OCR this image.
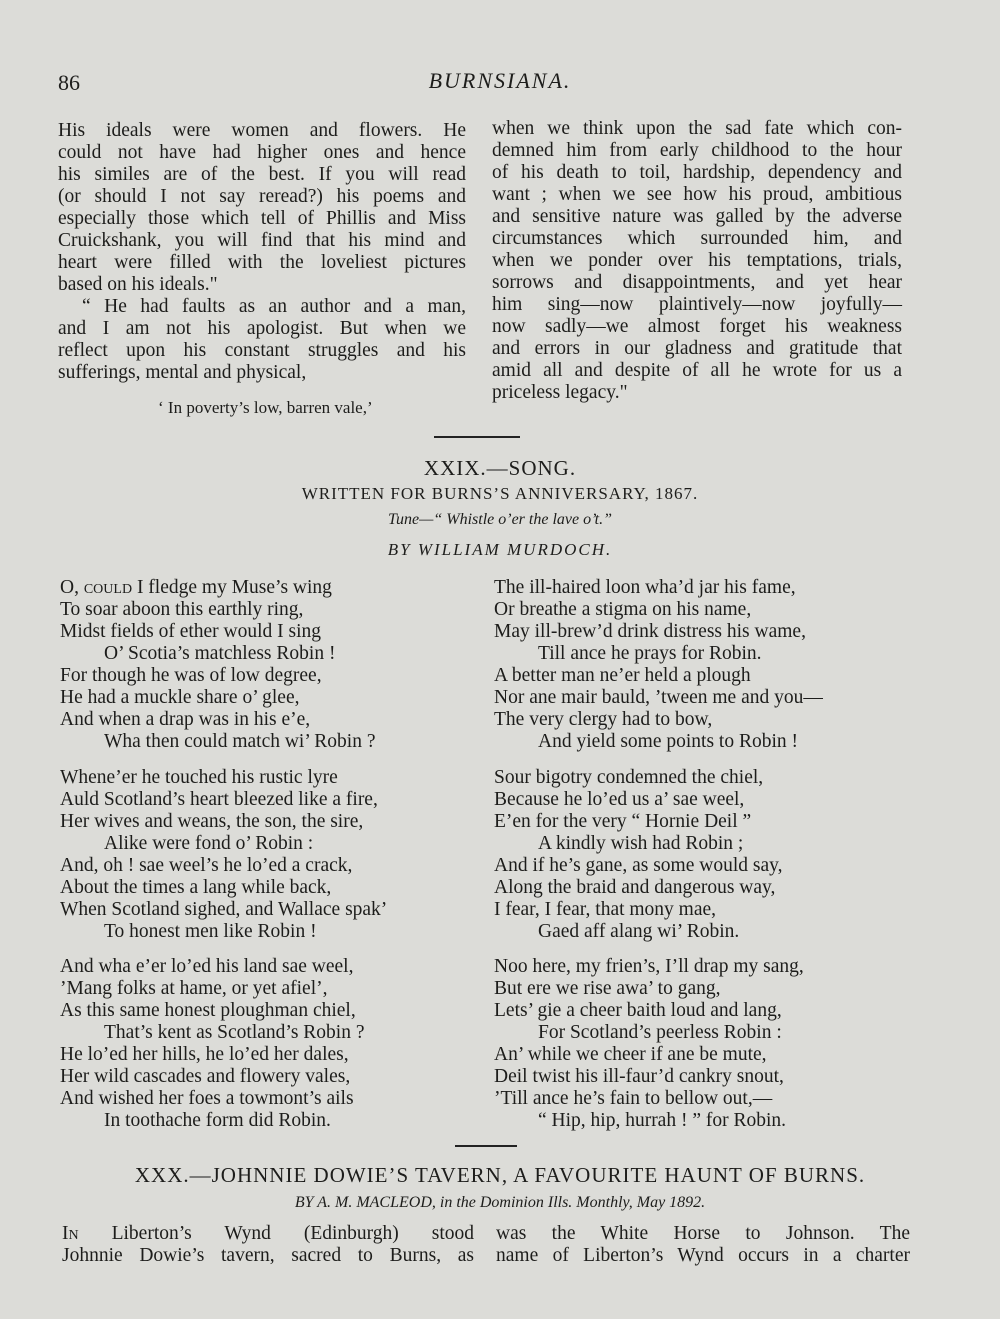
86	BURNSIANA.
His ideals were women and flowers. He
could not have had higher ones and hence
his similes are of the best. If you will read
(or should I not say reread?) his poems and
especially those which tell of Phillis and Miss
Cruickshank, you will find that his mind and
heart were filled with the loveliest pictures
based on his ideals."
“ He had faults as an author and a man,
and I am not his apologist. But when we
reflect upon his constant struggles and his
sufferings, mental and physical,
‘ In poverty’s low, barren vale,’
when we think upon the sad fate which con-
demned him from early childhood to the hour
of his death to toil, hardship, dependency and
want ; when we see how his proud, ambitious
and sensitive nature was galled by the adverse
circumstances which surrounded him, and
when we ponder over his temptations, trials,
sorrows and disappointments, and yet hear
him sing—now plaintively—now joyfully—
now sadly—we almost forget his weakness
and errors in our gladness and gratitude that
amid all and despite of all he wrote for us a
priceless legacy."
XXIX.—SONG.
WRITTEN FOR BURNS’S ANNIVERSARY, 1867.
Tune—“ Whistle o’er the lave o’t.”
BY WILLIAM MURDOCH.
O, could I fledge my Muse’s wing
To soar aboon this earthly ring,
Midst fields of ether would I sing
O’ Scotia’s matchless Robin !
For though he was of low degree,
He had a muckle share o’ glee,
And when a drap was in his e’e,
Wha then could match wi’ Robin ?
Whene’er he touched his rustic lyre
Auld Scotland’s heart bleezed like a fire,
Her wives and weans, the son, the sire,
Alike were fond o’ Robin :
And, oh ! sae weel’s he lo’ed a crack,
About the times a lang while back,
When Scotland sighed, and Wallace spak’
To honest men like Robin !
And wha e’er lo’ed his land sae weel,
’Mang folks at hame, or yet afiel’,
As this same honest ploughman chiel,
That’s kent as Scotland’s Robin ?
He lo’ed her hills, he lo’ed her dales,
Her wild cascades and flowery vales,
And wished her foes a towmont’s ails
In toothache form did Robin.
The ill-haired loon wha’d jar his fame,
Or breathe a stigma on his name,
May ill-brew’d drink distress his wame,
Till ance he prays for Robin.
A better man ne’er held a plough
Nor ane mair bauld, ’tween me and you—
The very clergy had to bow,
And yield some points to Robin !
Sour bigotry condemned the chiel,
Because he lo’ed us a’ sae weel,
E’en for the very “ Hornie Deil ”
A kindly wish had Robin ;
And if he’s gane, as some would say,
Along the braid and dangerous way,
I fear, I fear, that mony mae,
Gaed aff alang wi’ Robin.
Noo here, my frien’s, I’ll drap my sang,
But ere we rise awa’ to gang,
Lets’ gie a cheer baith loud and lang,
For Scotland’s peerless Robin :
An’ while we cheer if ane be mute,
Deil twist his ill-faur’d cankry snout,
’Till ance he’s fain to bellow out,—
“ Hip, hip, hurrah ! ” for Robin.
XXX.—JOHNNIE DOWIE’S TAVERN, A FAVOURITE HAUNT OF BURNS.
BY A. M. MACLEOD, in the Dominion Ills. Monthly, May 1892.
In Liberton’s Wynd (Edinburgh) stood
Johnnie Dowie’s tavern, sacred to Burns, as
was the White Horse to Johnson. The
name of Liberton’s Wynd occurs in a charter
